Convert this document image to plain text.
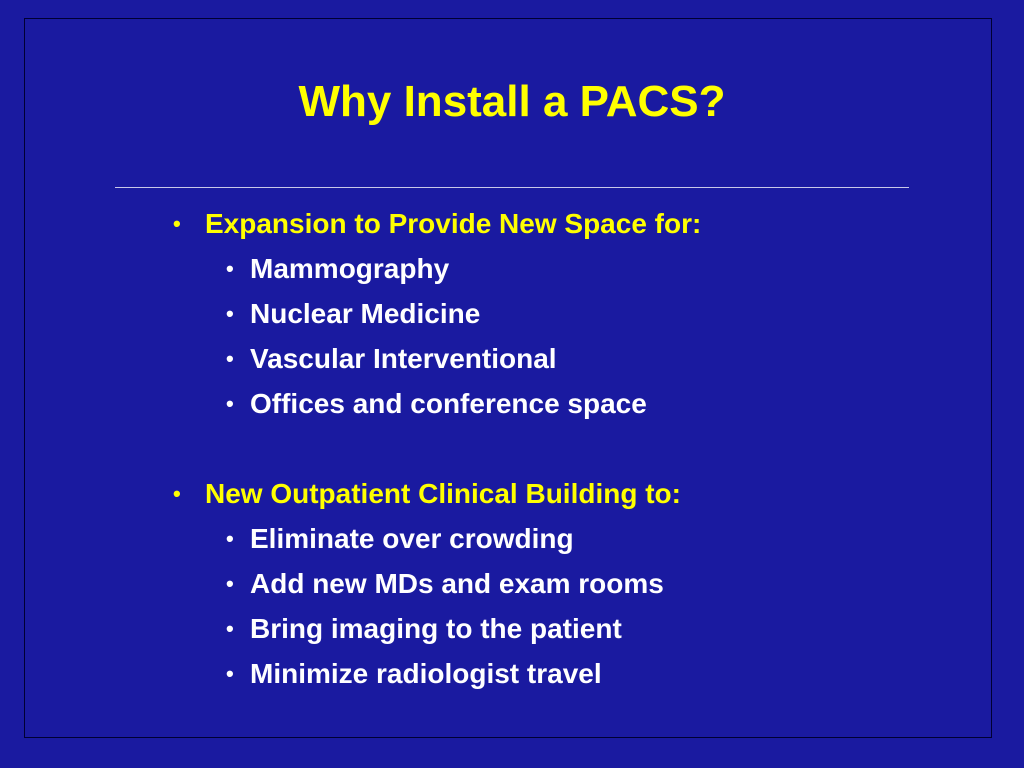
Why Install a PACS?
• Expansion to Provide New Space for:
• Mammography
• Nuclear Medicine
• Vascular Interventional
• Offices and conference space
• New Outpatient Clinical Building to:
• Eliminate over crowding
• Add new MDs and exam rooms
• Bring imaging to the patient
• Minimize radiologist travel
